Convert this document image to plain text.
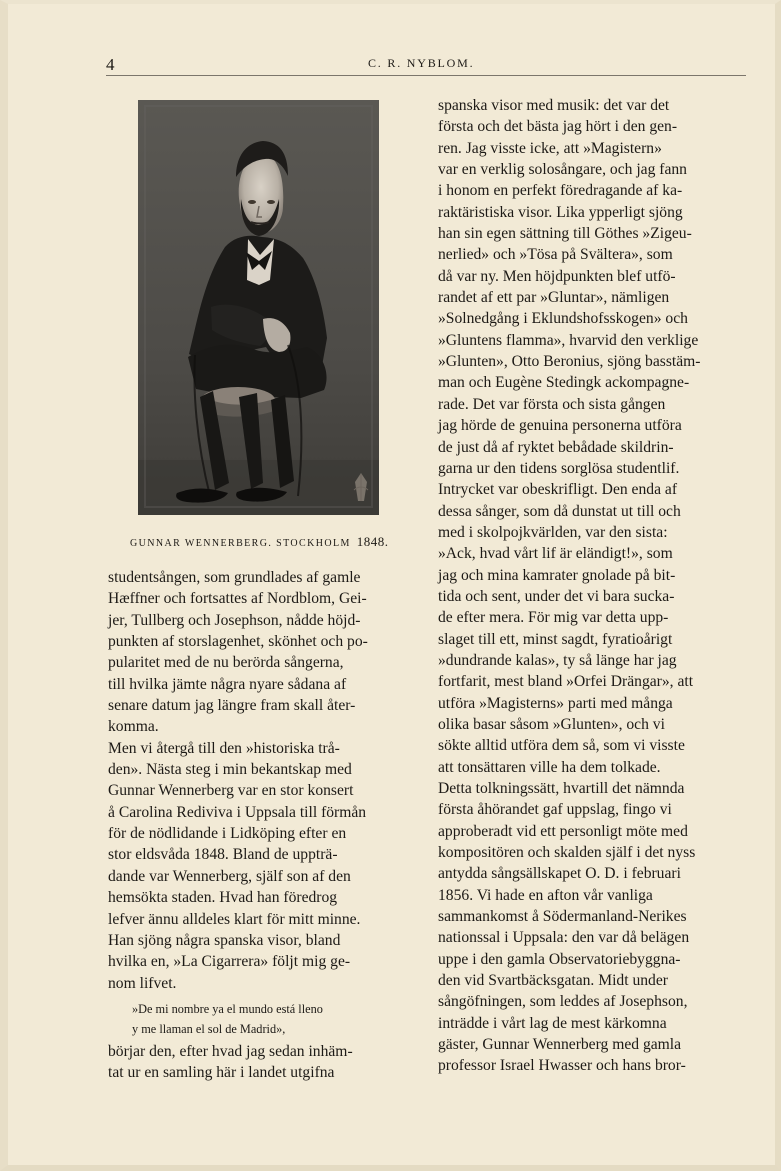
4	C. R. NYBLOM.
GUNNAR WENNERBERG. STOCKHOLM 1848.
studentsången, som grundlades af gamle
Hæffner och fortsattes af Nordblom, Gei-
jer, Tullberg och Josephson, nådde höjd-
punkten af storslagenhet, skönhet och po-
pularitet med de nu berörda sångerna,
till hvilka jämte några nyare sådana af
senare datum jag längre fram skall åter-
komma.
Men vi återgå till den »historiska trå-
den». Nästa steg i min bekantskap med
Gunnar Wennerberg var en stor konsert
å Carolina Rediviva i Uppsala till förmån
för de nödlidande i Lidköping efter en
stor eldsvåda 1848. Bland de uppträ-
dande var Wennerberg, själf son af den
hemsökta staden. Hvad han föredrog
lefver ännu alldeles klart för mitt minne.
Han sjöng några spanska visor, bland
hvilka en, »La Cigarrera» följt mig ge-
nom lifvet.
»De mi nombre ya el mundo está lleno
y me llaman el sol de Madrid»,
börjar den, efter hvad jag sedan inhäm-
tat ur en samling här i landet utgifna
spanska visor med musik: det var det
första och det bästa jag hört i den gen-
ren. Jag visste icke, att »Magistern»
var en verklig solosångare, och jag fann
i honom en perfekt föredragande af ka-
raktäristiska visor. Lika ypperligt sjöng
han sin egen sättning till Göthes »Zigeu-
nerlied» och »Tösa på Svältera», som
då var ny. Men höjdpunkten blef utfö-
randet af ett par »Gluntar», nämligen
»Solnedgång i Eklundshofsskogen» och
»Gluntens flamma», hvarvid den verklige
»Glunten», Otto Beronius, sjöng basstäm-
man och Eugène Stedingk ackompagne-
rade. Det var första och sista gången
jag hörde de genuina personerna utföra
de just då af ryktet bebådade skildrin-
garna ur den tidens sorglösa studentlif.
Intrycket var obeskrifligt. Den enda af
dessa sånger, som då dunstat ut till och
med i skolpojkvärlden, var den sista:
»Ack, hvad vårt lif är eländigt!», som
jag och mina kamrater gnolade på bit-
tida och sent, under det vi bara sucka-
de efter mera. För mig var detta upp-
slaget till ett, minst sagdt, fyratioårigt
»dundrande kalas», ty så länge har jag
fortfarit, mest bland »Orfei Drängar», att
utföra »Magisterns» parti med många
olika basar såsom »Glunten», och vi
sökte alltid utföra dem så, som vi visste
att tonsättaren ville ha dem tolkade.
Detta tolkningssätt, hvartill det nämnda
första åhörandet gaf uppslag, fingo vi
approberadt vid ett personligt möte med
kompositören och skalden själf i det nyss
antydda sångsällskapet O. D. i februari
1856. Vi hade en afton vår vanliga
sammankomst å Södermanland-Nerikes
nationssal i Uppsala: den var då belägen
uppe i den gamla Observatoriebyggna-
den vid Svartbäcksgatan. Midt under
sångöfningen, som leddes af Josephson,
inträdde i vårt lag de mest kärkomna
gäster, Gunnar Wennerberg med gamla
professor Israel Hwasser och hans bror-
